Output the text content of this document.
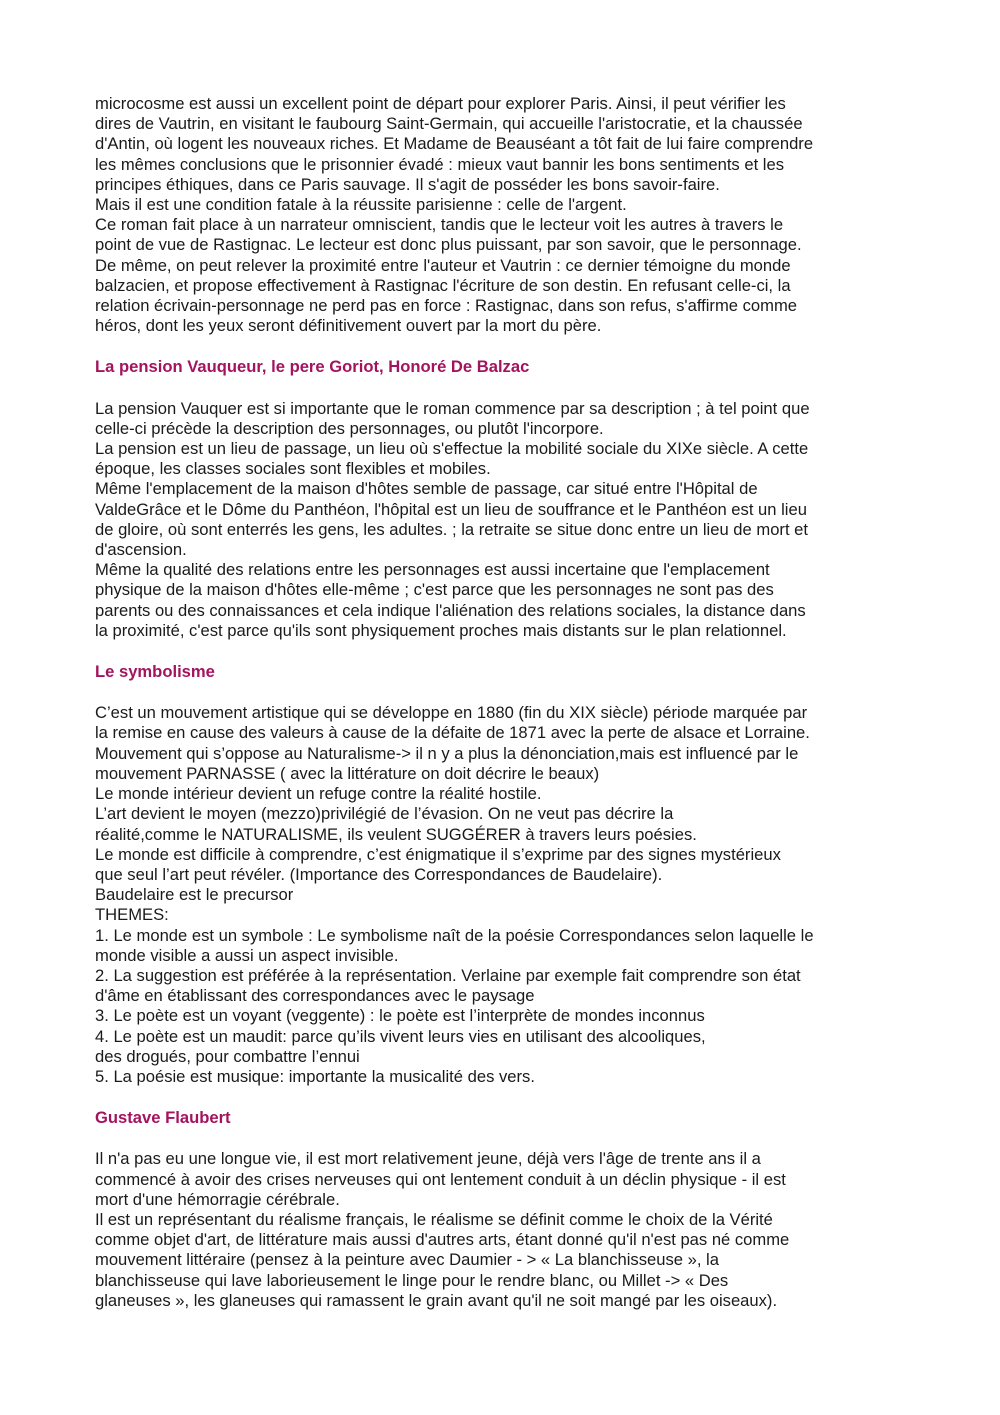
microcosme est aussi un excellent point de départ pour explorer Paris. Ainsi, il peut vérifier les

dires de Vautrin, en visitant le faubourg Saint-Germain, qui accueille l'aristocratie, et la chaussée

d'Antin, où logent les nouveaux riches. Et Madame de Beauséant a tôt fait de lui faire comprendre

les mêmes conclusions que le prisonnier évadé : mieux vaut bannir les bons sentiments et les

principes éthiques, dans ce Paris sauvage. Il s'agit de posséder les bons savoir-faire.

Mais il est une condition fatale à la réussite parisienne : celle de l'argent.

Ce roman fait place à un narrateur omniscient, tandis que le lecteur voit les autres à travers le

point de vue de Rastignac. Le lecteur est donc plus puissant, par son savoir, que le personnage.

De même, on peut relever la proximité entre l'auteur et Vautrin : ce dernier témoigne du monde

balzacien, et propose effectivement à Rastignac l'écriture de son destin. En refusant celle-ci, la

relation écrivain-personnage ne perd pas en force : Rastignac, dans son refus, s'affirme comme

héros, dont les yeux seront définitivement ouvert par la mort du père.

La pension Vauqueur, le pere Goriot, Honoré De Balzac

La pension Vauquer est si importante que le roman commence par sa description ; à tel point que

celle-ci précède la description des personnages, ou plutôt l'incorpore.

La pension est un lieu de passage, un lieu où s'effectue la mobilité sociale du XIXe siècle. A cette

époque, les classes sociales sont flexibles et mobiles.

Même l'emplacement de la maison d'hôtes semble de passage, car situé entre l'Hôpital de

ValdeGrâce et le Dôme du Panthéon, l'hôpital est un lieu de souffrance et le Panthéon est un lieu

de gloire, où sont enterrés les gens, les adultes. ; la retraite se situe donc entre un lieu de mort et

d'ascension.

Même la qualité des relations entre les personnages est aussi incertaine que l'emplacement

physique de la maison d'hôtes elle-même ; c'est parce que les personnages ne sont pas des

parents ou des connaissances et cela indique l'aliénation des relations sociales, la distance dans

la proximité, c'est parce qu'ils sont physiquement proches mais distants sur le plan relationnel.

Le symbolisme

C’est un mouvement artistique qui se développe en 1880 (fin du XIX siècle) période marquée par

la remise en cause des valeurs à cause de la défaite de 1871 avec la perte de alsace et Lorraine.

Mouvement qui s’oppose au Naturalisme-> il n y a plus la dénonciation,mais est influencé par le

mouvement PARNASSE ( avec la littérature on doit décrire le beaux)

Le monde intérieur devient un refuge contre la réalité hostile.

L’art devient le moyen (mezzo)privilégié de l’évasion. On ne veut pas décrire la

réalité,comme le NATURALISME, ils veulent SUGGÉRER à travers leurs poésies.

Le monde est difficile à comprendre, c’est énigmatique il s’exprime par des signes mystérieux

que seul l’art peut révéler. (Importance des Correspondances de Baudelaire).

Baudelaire est le precursor

THEMES:

1. Le monde est un symbole : Le symbolisme naît de la poésie Correspondances selon laquelle le

monde visible a aussi un aspect invisible.

2. La suggestion est préférée à la représentation. Verlaine par exemple fait comprendre son état

d'âme en établissant des correspondances avec le paysage

3. Le poète est un voyant (veggente) : le poète est l’interprète de mondes inconnus

4. Le poète est un maudit: parce qu’ils vivent leurs vies en utilisant des alcooliques,

des drogués, pour combattre l’ennui

5. La poésie est musique: importante la musicalité des vers.

Gustave Flaubert

Il n'a pas eu une longue vie, il est mort relativement jeune, déjà vers l'âge de trente ans il a

commencé à avoir des crises nerveuses qui ont lentement conduit à un déclin physique - il est

mort d'une hémorragie cérébrale.

Il est un représentant du réalisme français, le réalisme se définit comme le choix de la Vérité

comme objet d'art, de littérature mais aussi d'autres arts, étant donné qu'il n'est pas né comme

mouvement littéraire (pensez à la peinture avec Daumier - > « La blanchisseuse », la

blanchisseuse qui lave laborieusement le linge pour le rendre blanc, ou Millet -> « Des

glaneuses », les glaneuses qui ramassent le grain avant qu'il ne soit mangé par les oiseaux).
